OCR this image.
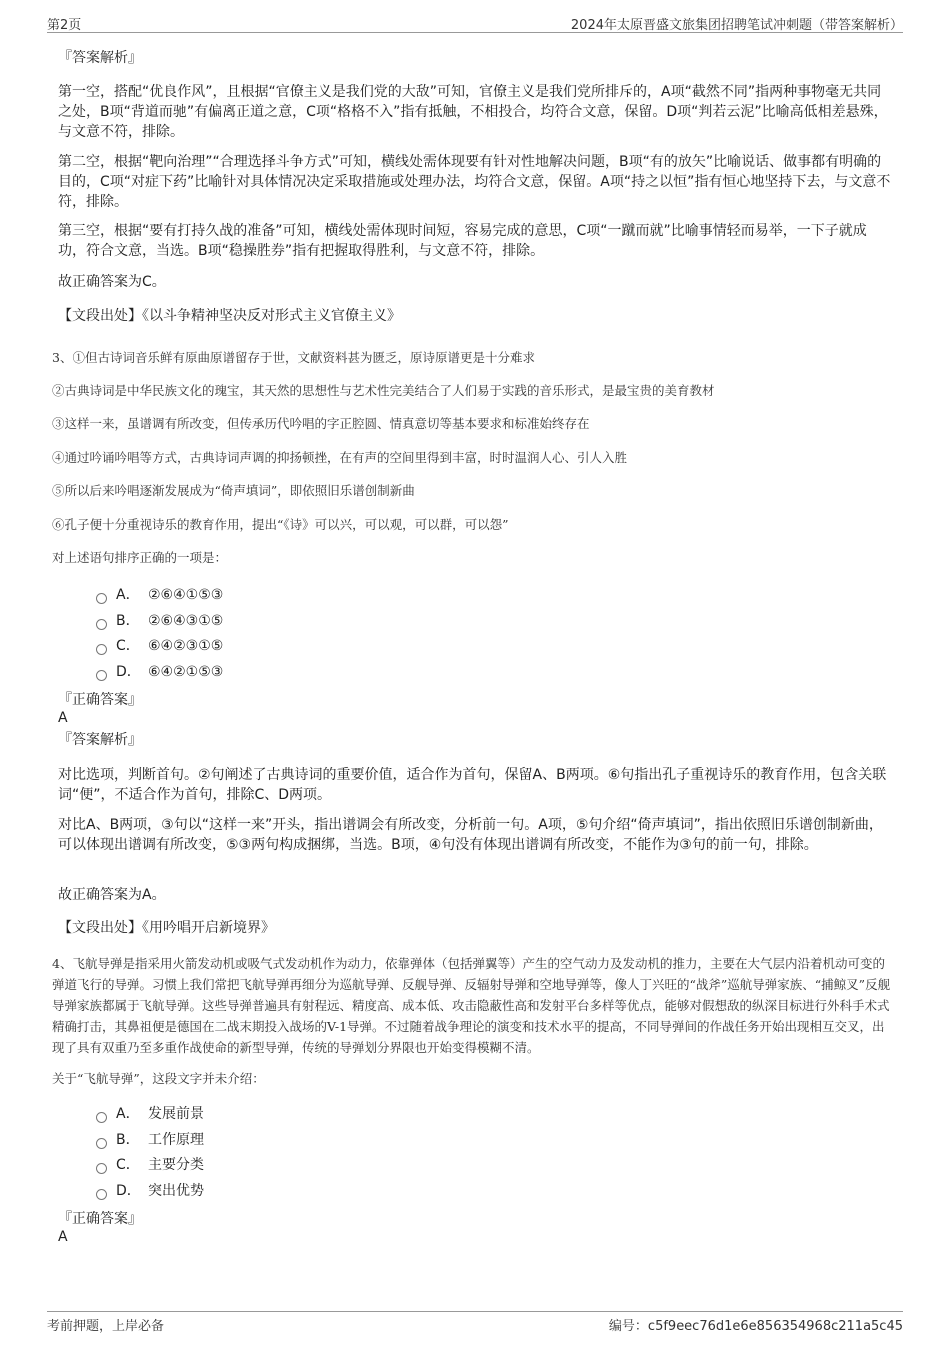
第2页	2024年太原晋盛文旅集团招聘笔试冲刺题（带答案解析）
『答案解析』

第一空，搭配“优良作风”，且根据“官僚主义是我们党的大敌”可知，官僚主义是我们党所排斥的，A项“截然不同”指两种事物毫无共同之处，B项“背道而驰”有偏离正道之意，C项“格格不入”指有抵触，不相投合，均符合文意，保留。D项“判若云泥”比喻高低相差悬殊，与文意不符，排除。

第二空，根据“靶向治理”“合理选择斗争方式”可知，横线处需体现要有针对性地解决问题，B项“有的放矢”比喻说话、做事都有明确的目的，C项“对症下药”比喻针对具体情况决定采取措施或处理办法，均符合文意，保留。A项“持之以恒”指有恒心地坚持下去，与文意不符，排除。

第三空，根据“要有打持久战的准备”可知，横线处需体现时间短，容易完成的意思，C项“一蹴而就”比喻事情轻而易举，一下子就成功，符合文意，当选。B项“稳操胜券”指有把握取得胜利，与文意不符，排除。

故正确答案为C。

【文段出处】《以斗争精神坚决反对形式主义官僚主义》

3、①但古诗词音乐鲜有原曲原谱留存于世，文献资料甚为匮乏，原诗原谱更是十分难求

②古典诗词是中华民族文化的瑰宝，其天然的思想性与艺术性完美结合了人们易于实践的音乐形式，是最宝贵的美育教材

③这样一来，虽谱调有所改变，但传承历代吟唱的字正腔圆、情真意切等基本要求和标准始终存在

④通过吟诵吟唱等方式，古典诗词声调的抑扬顿挫，在有声的空间里得到丰富，时时温润人心、引人入胜

⑤所以后来吟唱逐渐发展成为“倚声填词”，即依照旧乐谱创制新曲

⑥孔子便十分重视诗乐的教育作用，提出“《诗》可以兴，可以观，可以群，可以怨”

对上述语句排序正确的一项是：

A． ②⑥④①⑤③
B． ②⑥④③①⑤
C． ⑥④②③①⑤
D． ⑥④②①⑤③
『正确答案』
A
『答案解析』

对比选项，判断首句。②句阐述了古典诗词的重要价值，适合作为首句，保留A、B两项。⑥句指出孔子重视诗乐的教育作用，包含关联词“便”，不适合作为首句，排除C、D两项。

对比A、B两项，③句以“这样一来”开头，指出谱调会有所改变，分析前一句。A项，⑤句介绍“倚声填词”，指出依照旧乐谱创制新曲，可以体现出谱调有所改变，⑤③两句构成捆绑，当选。B项，④句没有体现出谱调有所改变，不能作为③句的前一句，排除。

故正确答案为A。

【文段出处】《用吟唱开启新境界》

4、飞航导弹是指采用火箭发动机或吸气式发动机作为动力，依靠弹体（包括弹翼等）产生的空气动力及发动机的推力，主要在大气层内沿着机动可变的弹道飞行的导弹。习惯上我们常把飞航导弹再细分为巡航导弹、反舰导弹、反辐射导弹和空地导弹等，像人丁兴旺的“战斧”巡航导弹家族、“捕鲸叉”反舰导弹家族都属于飞航导弹。这些导弹普遍具有射程远、精度高、成本低、攻击隐蔽性高和发射平台多样等优点，能够对假想敌的纵深目标进行外科手术式精确打击，其鼻祖便是德国在二战末期投入战场的V-1导弹。不过随着战争理论的演变和技术水平的提高，不同导弹间的作战任务开始出现相互交叉，出现了具有双重乃至多重作战使命的新型导弹，传统的导弹划分界限也开始变得模糊不清。

关于“飞航导弹”，这段文字并未介绍：

A． 发展前景
B． 工作原理
C． 主要分类
D． 突出优势
『正确答案』
A
考前押题，上岸必备	编号：c5f9eec76d1e6e856354968c211a5c45
